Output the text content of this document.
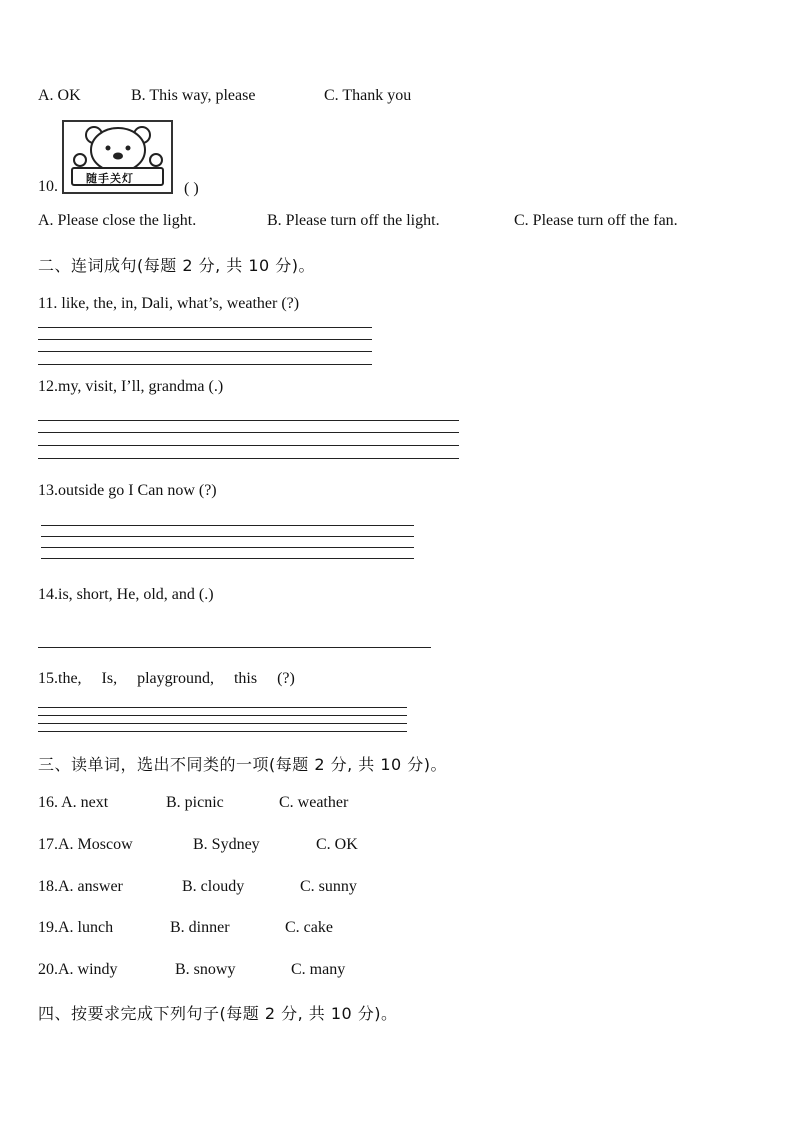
A. OK	B. This way, please	C. Thank you
10.	随手关灯
( )
A. Please close the light.	B. Please turn off the light.	C. Please turn off the fan.
二、连词成句(每题 2 分, 共 10 分)。
11. like, the, in, Dali, what’s, weather (?)
12.my, visit, I’ll, grandma (.)
13.outside go I Can now (?)
14.is, short, He, old, and (.)
15.the,     Is,     playground,     this     (?)
三、读单词，选出不同类的一项(每题 2 分, 共 10 分)。
16. A. next	B. picnic	C. weather
17.A. Moscow	B. Sydney	C. OK
18.A. answer	B. cloudy	C. sunny
19.A. lunch	B. dinner	C. cake
20.A. windy	B. snowy	C. many
四、按要求完成下列句子(每题 2 分, 共 10 分)。
